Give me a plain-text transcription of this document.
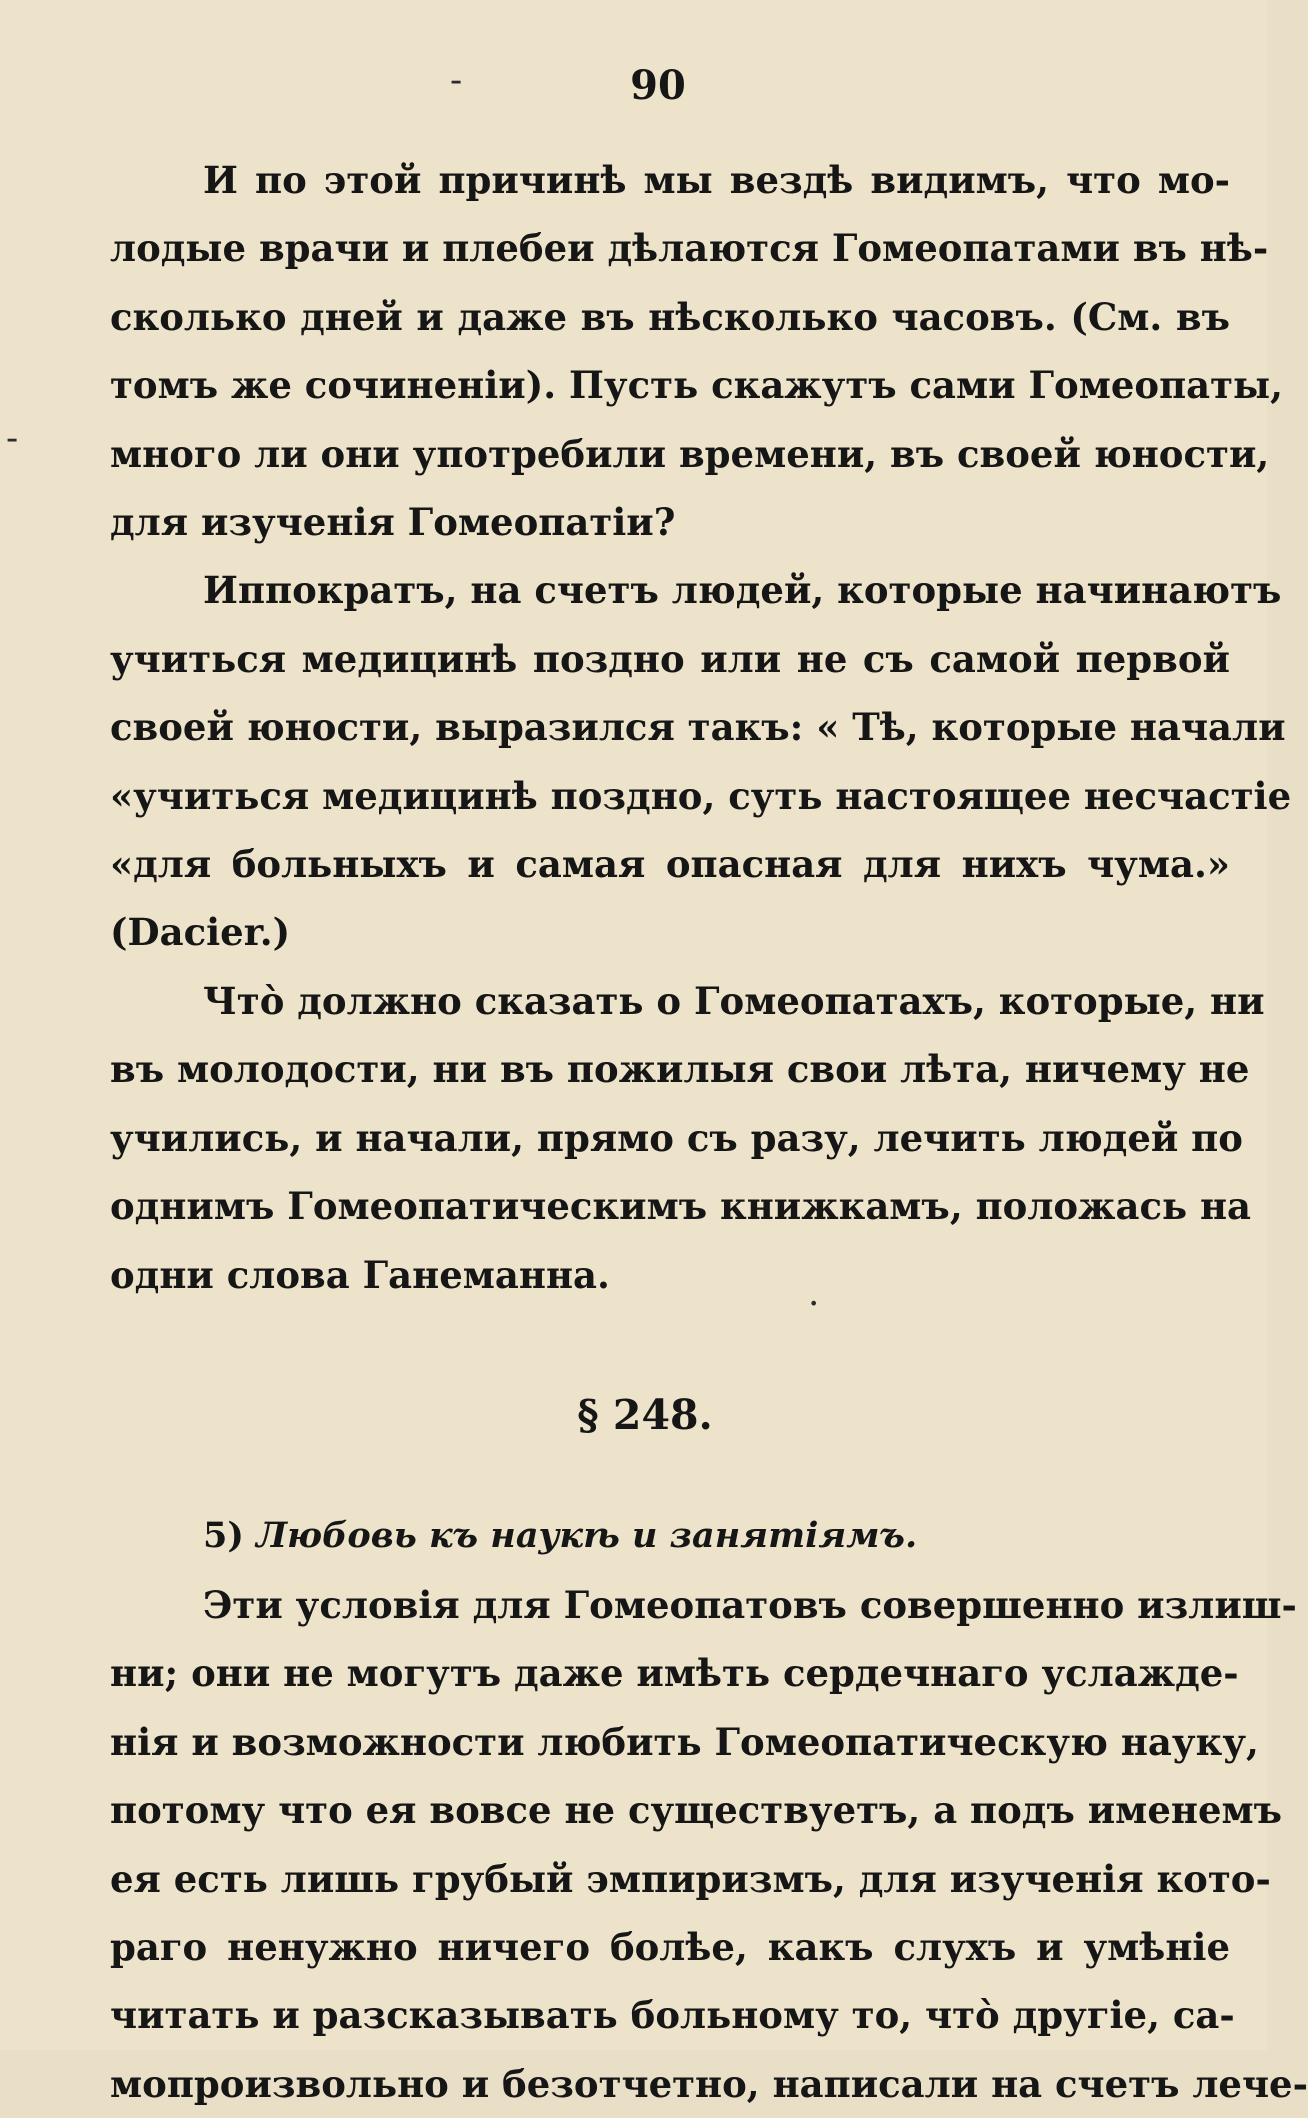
-
-
·
90
И по этой причинѣ мы вездѣ видимъ, что мо-
лодые врачи и плебеи дѣлаются Гомеопатами въ нѣ-
сколько дней и даже въ нѣсколько часовъ. (См. въ
томъ же сочиненіи). Пусть скажутъ сами Гомеопаты,
много ли они употребили времени, въ своей юности,
для изученія Гомеопатіи?
Иппократъ, на счетъ людей, которые начинаютъ
учиться медицинѣ поздно или не съ самой первой
своей юности, выразился такъ: « Тѣ, которые начали
«учиться медицинѣ поздно, суть настоящее несчастіе
«для больныхъ и самая опасная для нихъ чума.»
(Dacier.)
Что̀ должно сказать о Гомеопатахъ, которые, ни
въ молодости, ни въ пожилыя свои лѣта, ничему не
учились, и начали, прямо съ разу, лечить людей по
однимъ Гомеопатическимъ книжкамъ, положась на
одни слова Ганеманна.
§ 248.
5) Любовь къ наукѣ и занятіямъ.
Эти условія для Гомеопатовъ совершенно излиш-
ни; они не могутъ даже имѣть сердечнаго услажде-
нія и возможности любить Гомеопатическую науку,
потому что ея вовсе не существуетъ, а подъ именемъ
ея есть лишь грубый эмпиризмъ, для изученія кото-
раго ненужно ничего болѣе, какъ слухъ и умѣніе
читать и разсказывать больному то, что̀ другіе, са-
мопроизвольно и безотчетно, написали на счетъ лече-
